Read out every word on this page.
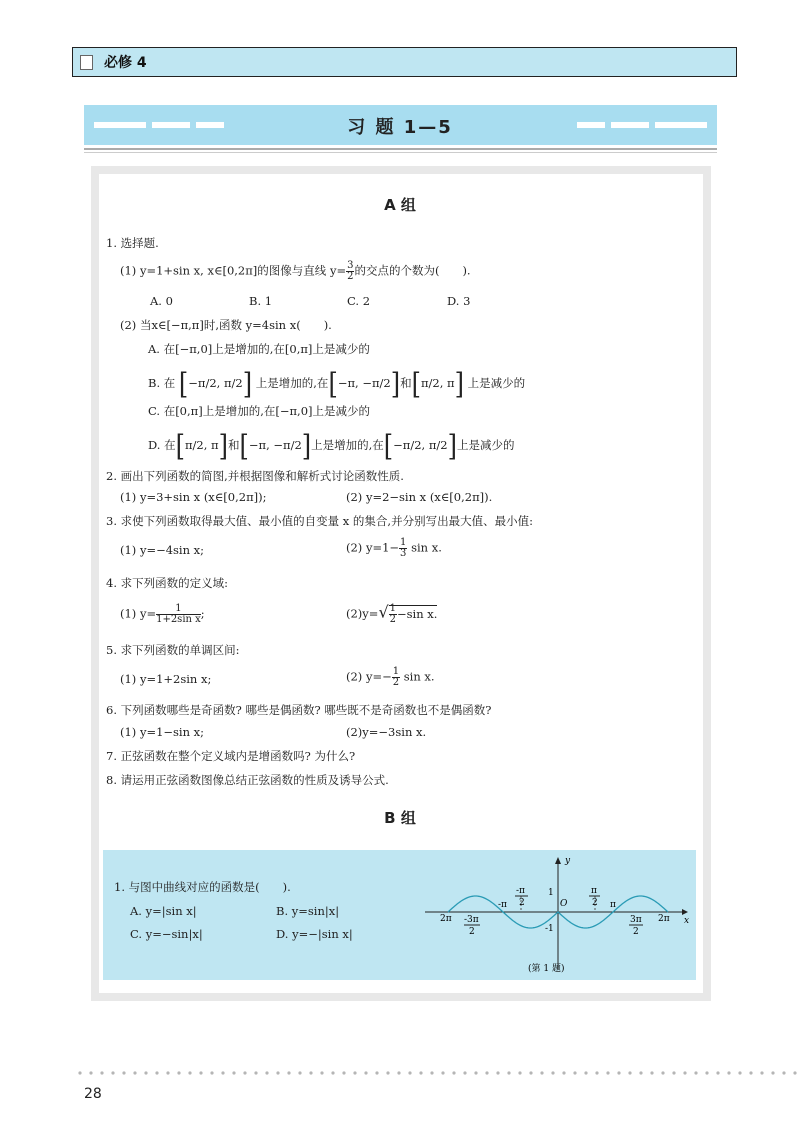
必修 4
习 题 1—5
A 组
1. 选择题.
(1) y=1+sin x, x∈[0,2π]的图像与直线 $y= \frac{3}{2}$ 的交点的个数为(　　).
A. 0	B. 1	C. 2	D. 3
(2) 当x∈[−π,π]时,函数 y=4sin x(　　).
A. 在[−π,0]上是增加的,在[0,π]上是减少的
B. 在 [−π/2, π/2] 上是增加的,在[−π, −π/2]和[π/2, π] 上是减少的
C. 在[0,π]上是增加的,在[−π,0]上是减少的
D. 在[π/2, π]和[−π, −π/2]上是增加的,在[−π/2, π/2]上是减少的
2. 画出下列函数的简图,并根据图像和解析式讨论函数性质.
(1) y=3+sin x (x∈[0,2π]);	(2) y=2−sin x (x∈[0,2π]).
3. 求使下列函数取得最大值、最小值的自变量 x 的集合,并分别写出最大值、最小值:
(1) y=−4sin x;	(2) $y=1- \frac{1}{3}$ sin x.
4. 求下列函数的定义域:
(1) $y= \frac{1}{\text{1+2sin x}}$ ;	$(2)y=√ \frac{1}{2} -\sin$ x.
5. 求下列函数的单调区间:
(1) y=1+2sin x;	(2) $y=- \frac{1}{2}$ sin x.
6. 下列函数哪些是奇函数? 哪些是偶函数? 哪些既不是奇函数也不是偶函数?
(1) y=1−sin x;	(2)y=−3sin x.
7. 正弦函数在整个定义域内是增函数吗? 为什么?
8. 请运用正弦函数图像总结正弦函数的性质及诱导公式.
B 组
1. 与图中曲线对应的函数是(　　).
A. y=|sin x|	B. y=sin|x|
C. y=−sin|x|	D. y=−|sin x|
y
x
O
1
-1
-π	π
2π	2π
-π
2
π
2
-3π
2
3π
2
(第 1 题)
28
